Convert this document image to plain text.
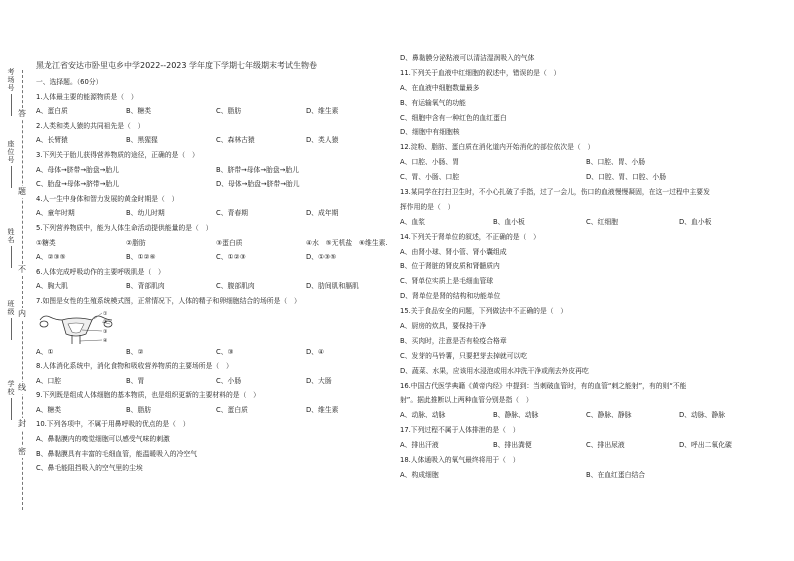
考
场
号
座
位
号
姓
名
班
级
学
校
答
题
不
内
线
封
密
黑龙江省安达市卧里屯乡中学2022--2023 学年度下学期七年级期末考试生物卷
一、选择题。（60分）
1.人体最主要的能源物质是（　）
A、蛋白质	B、糖类	C、脂肪	D、维生素
2.人类和类人猿的共同祖先是（　）
A、长臂猿	B、黑猩猩	C、森林古猿	D、类人猿
3.下列关于胎儿获得营养物质的途径，正确的是（　）
A、母体→脐带→胎盘→胎儿	B、脐带→母体→胎盘→胎儿
C、胎盘→母体→脐带→胎儿	D、母体→胎盘→脐带→胎儿
4.人一生中身体和智力发展的黄金时期是（　）
A、童年时期	B、幼儿时期	C、青春期	D、成年期
5.下列营养物质中，能为人体生命活动提供能量的是（　）
①糖类	②脂肪	③蛋白质	④水　⑤无机盐　⑥维生素.
A、②③⑤	B、①②⑥	C、①②③	D、①③⑤
6.人体完成呼吸动作的主要呼吸肌是（　）
A、胸大肌	B、背部肌肉	C、腹部肌肉	D、肋间肌和膈肌
7.如图是女性的生殖系统模式图，正常情况下，人体的精子和卵细胞结合的场所是（　）
①
②
③
④
A、①	B、②	C、③	D、④
8.人体消化系统中，消化食物和吸收营养物质的主要场所是（　）
A、口腔	B、胃	C、小肠	D、大肠
9.下列既是组成人体细胞的基本物质，也是组织更新的主要材料的是（　）
A、糖类	B、脂肪	C、蛋白质	D、维生素
10.下列各项中，不属于用鼻呼吸的优点的是（　）
A、鼻黏膜内的嗅觉细胞可以感受气味的刺激
B、鼻黏膜具有丰富的毛细血管，能温暖吸入的冷空气
C、鼻毛能阻挡吸入的空气里的尘埃
D、鼻黏膜分泌粘液可以清洁湿润吸入的气体
11.下列关于血液中红细胞的叙述中，错误的是（　）
A、在血液中细胞数量最多
B、有运输氧气的功能
C、细胞中含有一种红色的血红蛋白
D、细胞中有细胞核
12.淀粉、脂肪、蛋白质在消化道内开始消化的部位依次是（　）
A、口腔、小肠、胃	B、口腔、胃、小肠
C、胃、小肠、口腔	D、口腔、胃、口腔、小肠
13.某同学在打扫卫生时，不小心扎破了手指，过了一会儿，伤口的血液慢慢凝固，在这一过程中主要发
挥作用的是（　）
A、血浆	B、血小板	C、红细胞	D、血小板
14.下列关于肾单位的叙述，不正确的是（　）
A、由肾小球、肾小管、肾小囊组成
B、位于肾脏的肾皮质和肾髓质内
C、肾单位实质上是毛细血管球
D、肾单位是肾的结构和功能单位
15.关于食品安全的问题，下列做法中不正确的是（　）
A、厨房的炊具，要保持干净
B、买肉时，注意是否有检疫合格章
C、发芽的马铃薯，只要把芽去掉就可以吃
D、蔬菜、水果，应该用水浸泡或用水冲洗干净或削去外皮再吃
16.中国古代医学典籍《黄帝内经》中提到：当刺破血管时，有的血管“刺之能射”，有的则“不能
射”。据此推断以上两种血管分别是指（　）
A、动脉、动脉	B、静脉、动脉	C、静脉、静脉	D、动脉、静脉
17.下列过程不属于人体排泄的是（　）
A、排出汗液	B、排出粪便	C、排出尿液	D、呼出二氧化碳
18.人体通吸入的氧气最终将用于（　）
A、构成细胞	B、在血红蛋白结合
